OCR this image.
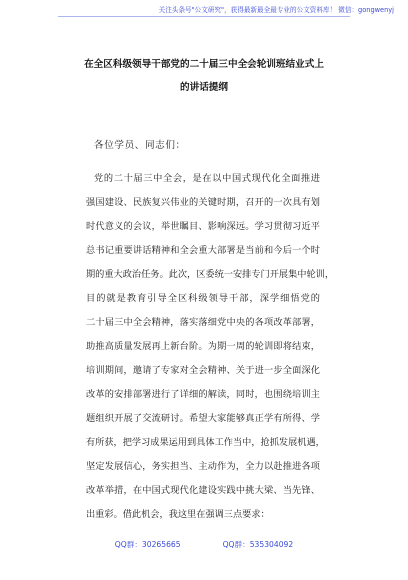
关注头条号"公文研究"，获得最新最全最专业的公文资料库！ 微信：gongwenyj
在全区科级领导干部党的二十届三中全会轮训班结业式上
的讲话提纲
各位学员、同志们：
党的二十届三中全会，是在以中国式现代化全面推进
强国建设、民族复兴伟业的关键时期，召开的一次具有划
时代意义的会议，举世瞩目、影响深远。学习贯彻习近平
总书记重要讲话精神和全会重大部署是当前和今后一个时
期的重大政治任务。此次，区委统一安排专门开展集中轮训，
目的就是教育引导全区科级领导干部，深学细悟党的
二十届三中全会精神，落实落细党中央的各项改革部署，
助推高质量发展再上新台阶。为期一周的轮训即将结束，
培训期间，邀请了专家对全会精神、关于进一步全面深化
改革的安排部署进行了详细的解读，同时，也围绕培训主
题组织开展了交流研讨。希望大家能够真正学有所得、学
有所获，把学习成果运用到具体工作当中，抢抓发展机遇，
坚定发展信心，务实担当、主动作为，全力以赴推进各项
改革举措，在中国式现代化建设实践中挑大梁、当先锋、
出重彩。借此机会，我这里在强调三点要求：
QQ群：30265665	QQ群：535304092
